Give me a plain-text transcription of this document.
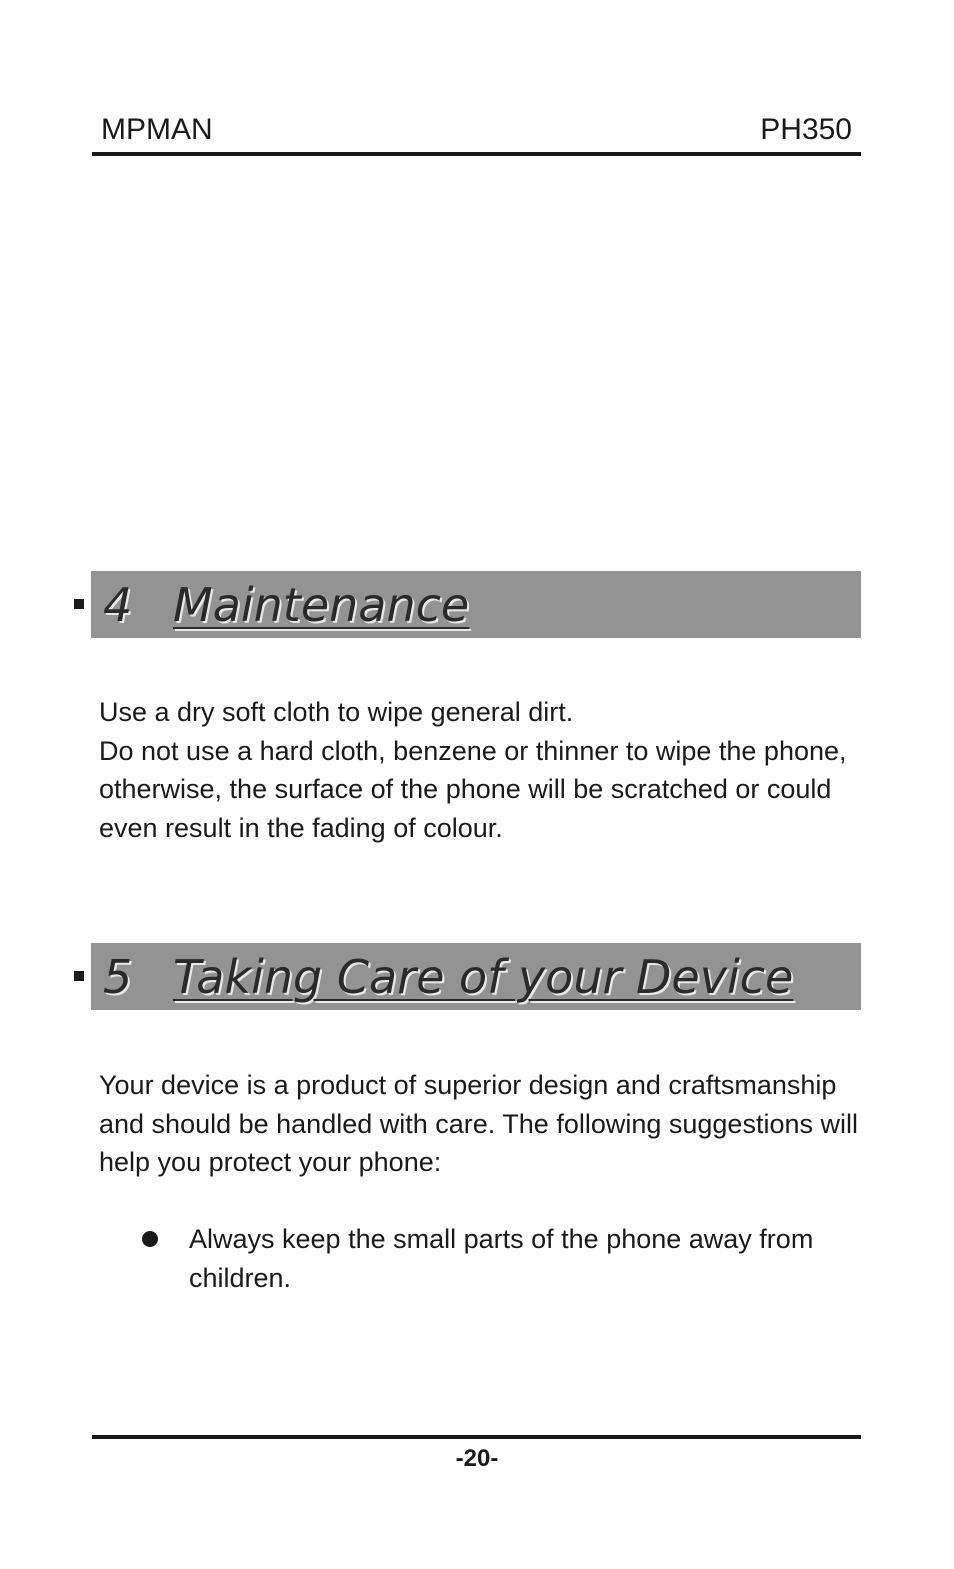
MPMAN	PH350
4 Maintenance

Use a dry soft cloth to wipe general dirt.

Do not use a hard cloth, benzene or thinner to wipe the phone, otherwise, the surface of the phone will be scratched or could even result in the fading of colour.

5 Taking Care of your Device

Your device is a product of superior design and craftsmanship and should be handled with care. The following suggestions will help you protect your phone:

Always keep the small parts of the phone away from children.
-20-
